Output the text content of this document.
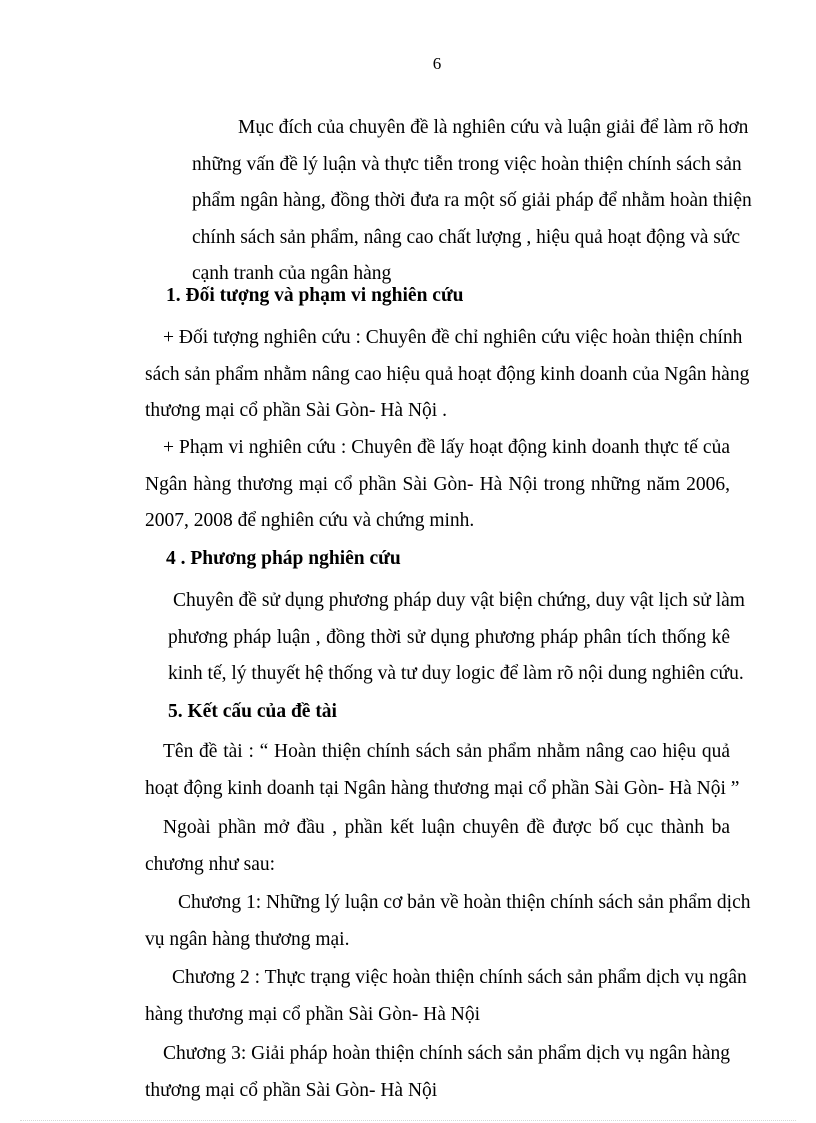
6
Mục đích của chuyên đề là nghiên cứu và luận giải để làm rõ hơn
những vấn đề lý luận và thực tiễn trong việc hoàn thiện chính sách sản
phẩm ngân hàng, đồng thời đưa ra một số giải pháp để nhằm hoàn thiện
chính sách sản phẩm, nâng cao chất lượng , hiệu quả hoạt động và sức
cạnh tranh của ngân hàng
1. Đối tượng và phạm vi nghiên cứu
+ Đối tượng nghiên cứu : Chuyên đề chỉ nghiên cứu việc hoàn thiện chính
sách sản phẩm nhằm nâng cao hiệu quả hoạt động kinh doanh của Ngân hàng
thương mại cổ phần Sài Gòn- Hà Nội .
+ Phạm vi nghiên cứu : Chuyên đề lấy hoạt động kinh doanh thực tế của
Ngân hàng thương mại cổ phần Sài Gòn- Hà Nội trong những năm 2006,
2007, 2008 để nghiên cứu và chứng minh.
4 . Phương pháp nghiên cứu
Chuyên đề sử dụng phương pháp duy vật biện chứng, duy vật lịch sử làm
phương pháp luận , đồng thời sử dụng phương pháp phân tích thống kê
kinh tế, lý thuyết hệ thống và tư duy logic để làm rõ nội dung nghiên cứu.
5. Kết cấu của đề tài
Tên đề tài : “ Hoàn thiện chính sách sản phẩm nhằm nâng cao hiệu quả
hoạt động kinh doanh tại Ngân hàng thương mại cổ phần Sài Gòn- Hà Nội ”
Ngoài phần mở đầu , phần kết luận chuyên đề được bố cục thành ba
chương như sau:
Chương 1: Những lý luận cơ bản về hoàn thiện chính sách sản phẩm dịch
vụ ngân hàng thương mại.
Chương 2 : Thực trạng việc hoàn thiện chính sách sản phẩm dịch vụ ngân
hàng thương mại cổ phần Sài Gòn- Hà Nội
Chương 3: Giải pháp hoàn thiện chính sách sản phẩm dịch vụ ngân hàng
thương mại cổ phần Sài Gòn- Hà Nội
